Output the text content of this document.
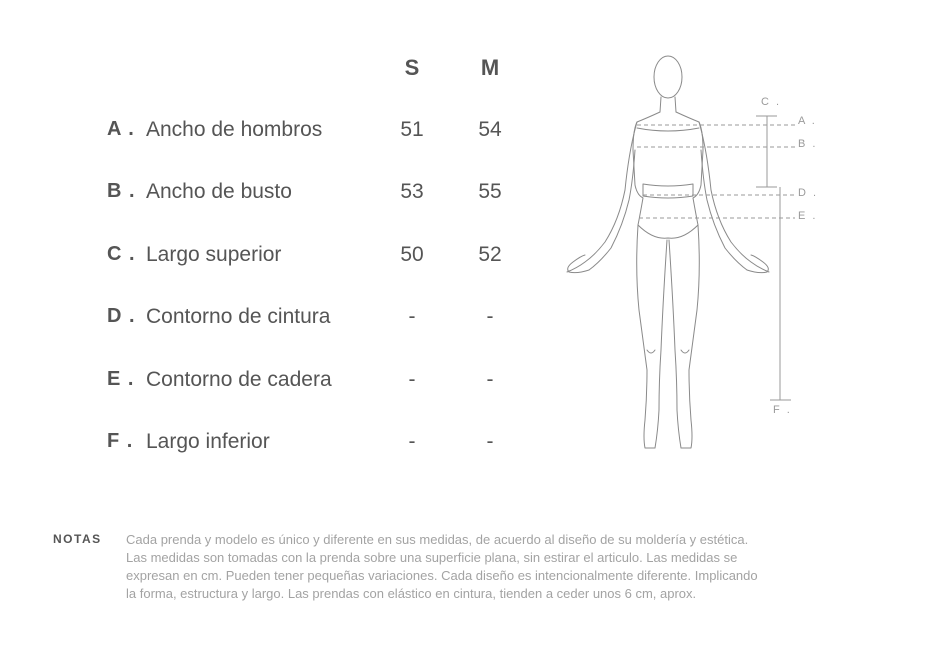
S	M
A . Ancho de hombros	51	54
B . Ancho de busto	53	55
C . Largo superior	50	52
D . Contorno de cintura	-	-
E . Contorno de cadera	-	-
F . Largo inferior	-	-
C .
A .
B .
D .
E .
F .
NOTAS Cada prenda y modelo es único y diferente en sus medidas, de acuerdo al diseño de su moldería y estética.
Las medidas son tomadas con la prenda sobre una superficie plana, sin estirar el articulo. Las medidas se
expresan en cm. Pueden tener pequeñas variaciones. Cada diseño es intencionalmente diferente. Implicando
la forma, estructura y largo. Las prendas con elástico en cintura, tienden a ceder unos 6 cm, aprox.
